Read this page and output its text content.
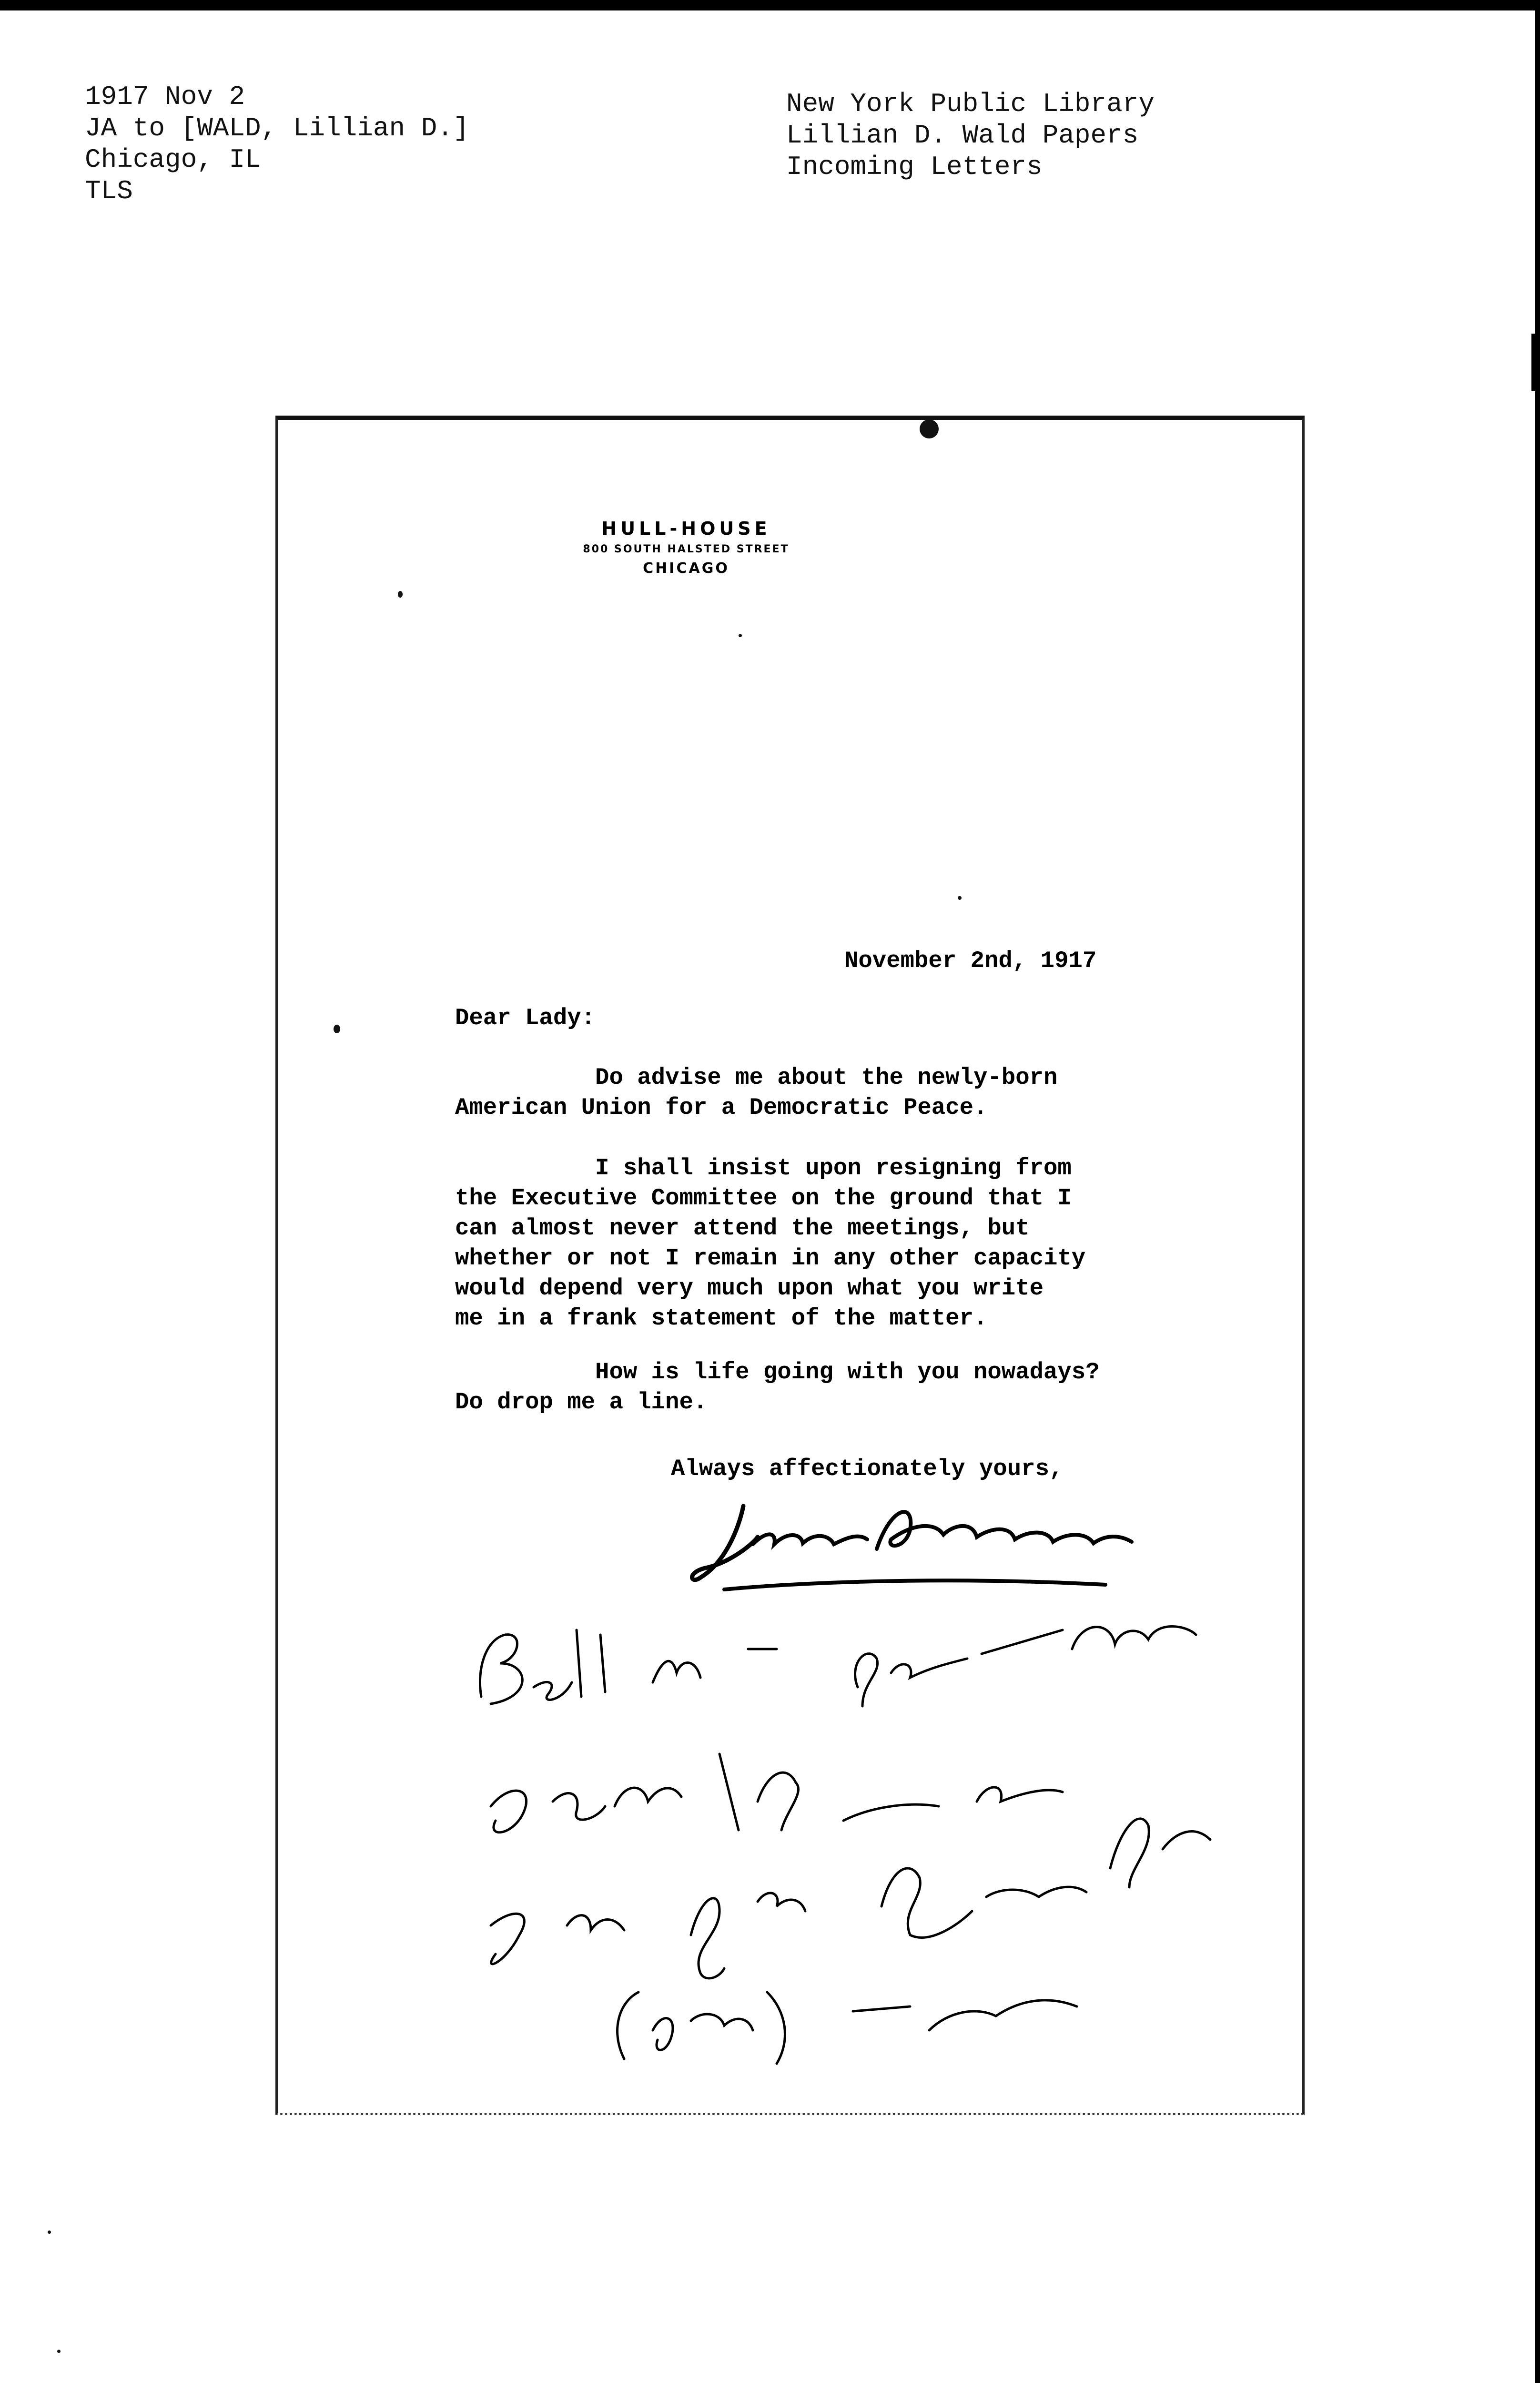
1917 Nov 2
JA to [WALD, Lillian D.]
Chicago, IL
TLS
New York Public Library
Lillian D. Wald Papers
Incoming Letters
HULL-HOUSE
800 SOUTH HALSTED STREET
CHICAGO
November 2nd, 1917
Dear Lady:
Do advise me about the newly-born
American Union for a Democratic Peace.
I shall insist upon resigning from
the Executive Committee on the ground that I
can almost never attend the meetings, but
whether or not I remain in any other capacity
would depend very much upon what you write
me in a frank statement of the matter.
How is life going with you nowadays?
Do drop me a line.
Always affectionately yours,
